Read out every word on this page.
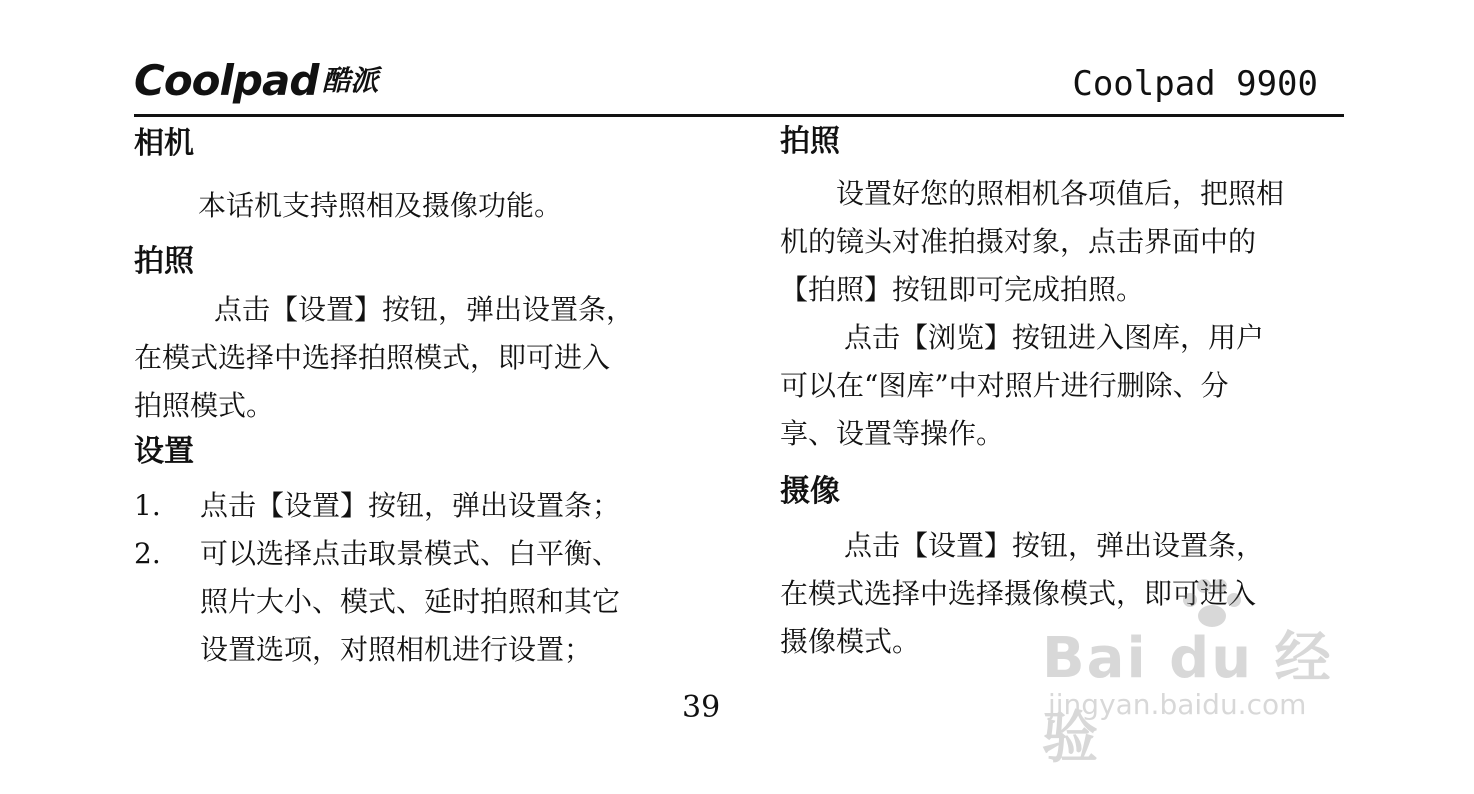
Coolpad 酷派	Coolpad 9900

相机

本话机支持照相及摄像功能。

拍照

点击【设置】按钮，弹出设置条，

在模式选择中选择拍照模式，即可进入

拍照模式。

设置

1. 点击【设置】按钮，弹出设置条；
2. 可以选择点击取景模式、白平衡、
照片大小、模式、延时拍照和其它
设置选项，对照相机进行设置；

拍照

设置好您的照相机各项值后，把照相

机的镜头对准拍摄对象，点击界面中的

【拍照】按钮即可完成拍照。

点击【浏览】按钮进入图库，用户

可以在“图库”中对照片进行删除、分

享、设置等操作。

摄像

点击【设置】按钮，弹出设置条，

在模式选择中选择摄像模式，即可进入

摄像模式。

39
Bai du 经验
jingyan.baidu.com
